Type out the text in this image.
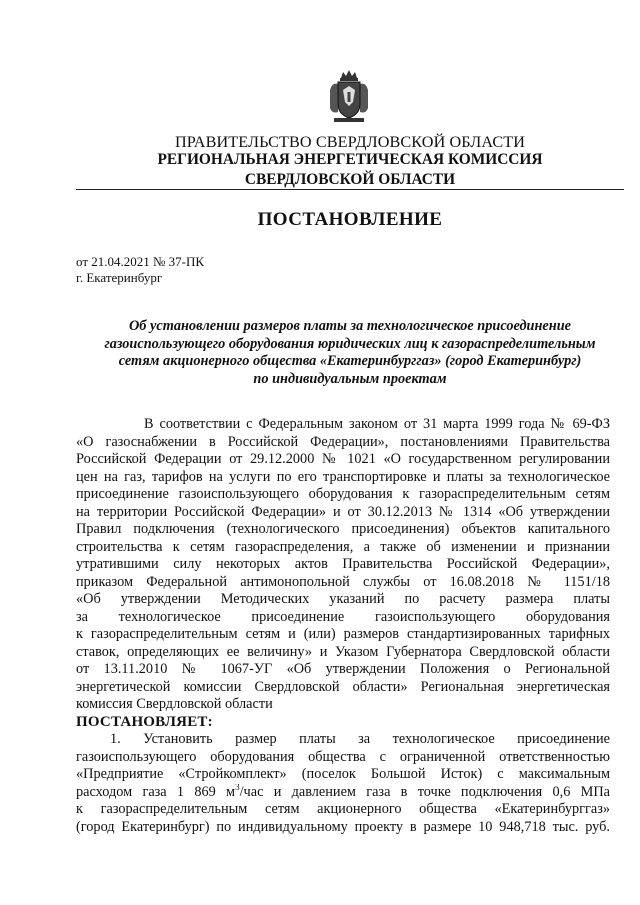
ПРАВИТЕЛЬСТВО СВЕРДЛОВСКОЙ ОБЛАСТИ
РЕГИОНАЛЬНАЯ ЭНЕРГЕТИЧЕСКАЯ КОМИССИЯ
СВЕРДЛОВСКОЙ ОБЛАСТИ
ПОСТАНОВЛЕНИЕ
от 21.04.2021 № 37-ПК
г. Екатеринбург
Об установлении размеров платы за технологическое присоединение
газоиспользующего оборудования юридических лиц к газораспределительным
сетям акционерного общества «Екатеринбурггаз» (город Екатеринбург)
по индивидуальным проектам
В соответствии с Федеральным законом от 31 марта 1999 года № 69-ФЗ
«О газоснабжении в Российской Федерации», постановлениями Правительства
Российской Федерации от 29.12.2000 № 1021 «О государственном регулировании
цен на газ, тарифов на услуги по его транспортировке и платы за технологическое
присоединение газоиспользующего оборудования к газораспределительным сетям
на территории Российской Федерации» и от 30.12.2013 № 1314 «Об утверждении
Правил подключения (технологического присоединения) объектов капитального
строительства к сетям газораспределения, а также об изменении и признании
утратившими силу некоторых актов Правительства Российской Федерации»,
приказом Федеральной антимонопольной службы от 16.08.2018 № 1151/18
«Об утверждении Методических указаний по расчету размера платы
за технологическое присоединение газоиспользующего оборудования
к газораспределительным сетям и (или) размеров стандартизированных тарифных
ставок, определяющих ее величину» и Указом Губернатора Свердловской области
от 13.11.2010 № 1067-УГ «Об утверждении Положения о Региональной
энергетической комиссии Свердловской области» Региональная энергетическая
комиссия Свердловской области
ПОСТАНОВЛЯЕТ:
1. Установить размер платы за технологическое присоединение
газоиспользующего оборудования общества с ограниченной ответственностью
«Предприятие «Стройкомплект» (поселок Большой Исток) с максимальным
расходом газа 1 869 $м^3$/час и давлением газа в точке подключения 0,6 МПа
к газораспределительным сетям акционерного общества «Екатеринбурггаз»
(город Екатеринбург) по индивидуальному проекту в размере 10 948,718 тыс. руб.
